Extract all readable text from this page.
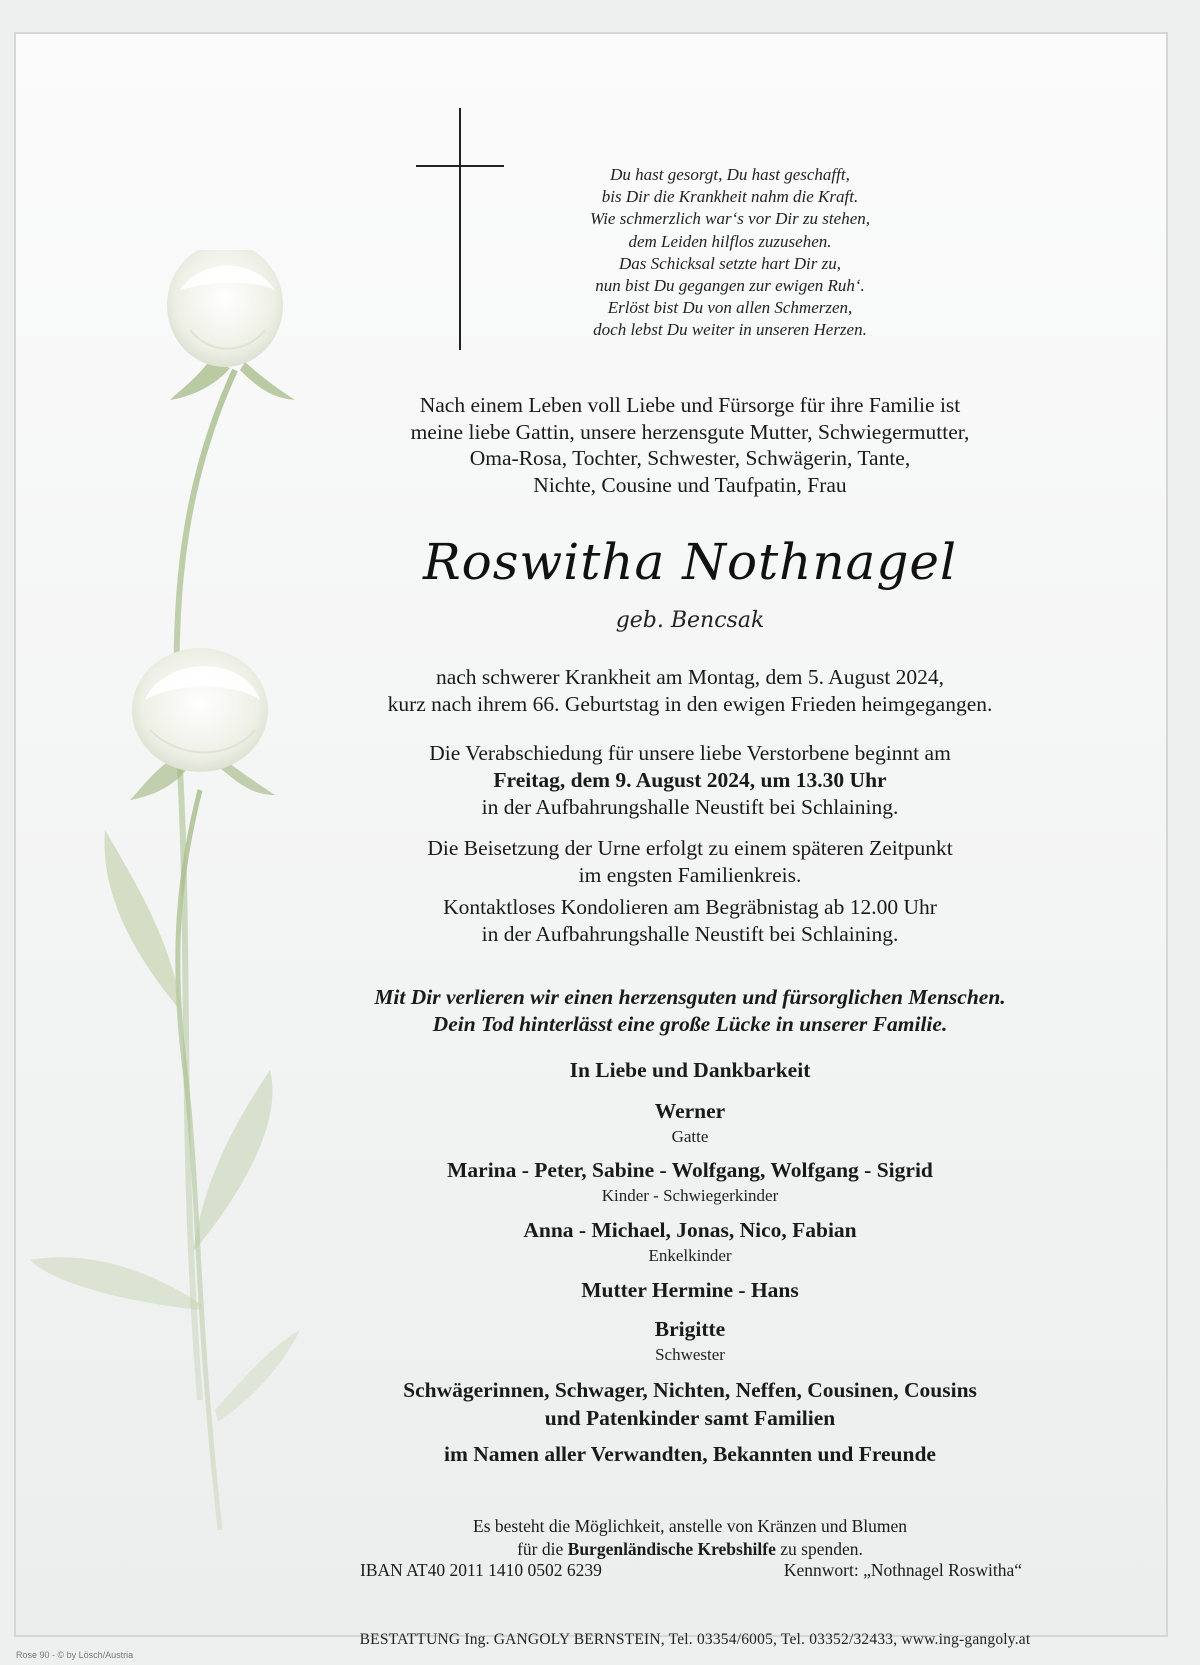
Du hast gesorgt, Du hast geschafft,
bis Dir die Krankheit nahm die Kraft.
Wie schmerzlich war‘s vor Dir zu stehen,
dem Leiden hilflos zuzusehen.
Das Schicksal setzte hart Dir zu,
nun bist Du gegangen zur ewigen Ruh‘.
Erlöst bist Du von allen Schmerzen,
doch lebst Du weiter in unseren Herzen.
Nach einem Leben voll Liebe und Fürsorge für ihre Familie ist
meine liebe Gattin, unsere herzensgute Mutter, Schwiegermutter,
Oma-Rosa, Tochter, Schwester, Schwägerin, Tante,
Nichte, Cousine und Taufpatin, Frau
Roswitha Nothnagel
geb. Bencsak
nach schwerer Krankheit am Montag, dem 5. August 2024,
kurz nach ihrem 66. Geburtstag in den ewigen Frieden heimgegangen.
Die Verabschiedung für unsere liebe Verstorbene beginnt am
Freitag, dem 9. August 2024, um 13.30 Uhr
in der Aufbahrungshalle Neustift bei Schlaining.
Die Beisetzung der Urne erfolgt zu einem späteren Zeitpunkt
im engsten Familienkreis.
Kontaktloses Kondolieren am Begräbnistag ab 12.00 Uhr
in der Aufbahrungshalle Neustift bei Schlaining.
Mit Dir verlieren wir einen herzensguten und fürsorglichen Menschen.
Dein Tod hinterlässt eine große Lücke in unserer Familie.
In Liebe und Dankbarkeit
Werner
Gatte
Marina - Peter, Sabine - Wolfgang, Wolfgang - Sigrid
Kinder - Schwiegerkinder
Anna - Michael, Jonas, Nico, Fabian
Enkelkinder
Mutter Hermine - Hans
Brigitte
Schwester
Schwägerinnen, Schwager, Nichten, Neffen, Cousinen, Cousins
und Patenkinder samt Familien
im Namen aller Verwandten, Bekannten und Freunde
Es besteht die Möglichkeit, anstelle von Kränzen und Blumen
für die Burgenländische Krebshilfe zu spenden.
IBAN AT40 2011 1410 0502 6239	Kennwort: „Nothnagel Roswitha“
BESTATTUNG Ing. GANGOLY BERNSTEIN, Tel. 03354/6005, Tel. 03352/32433, www.ing-gangoly.at
Rose 90 - © by Lösch/Austria
